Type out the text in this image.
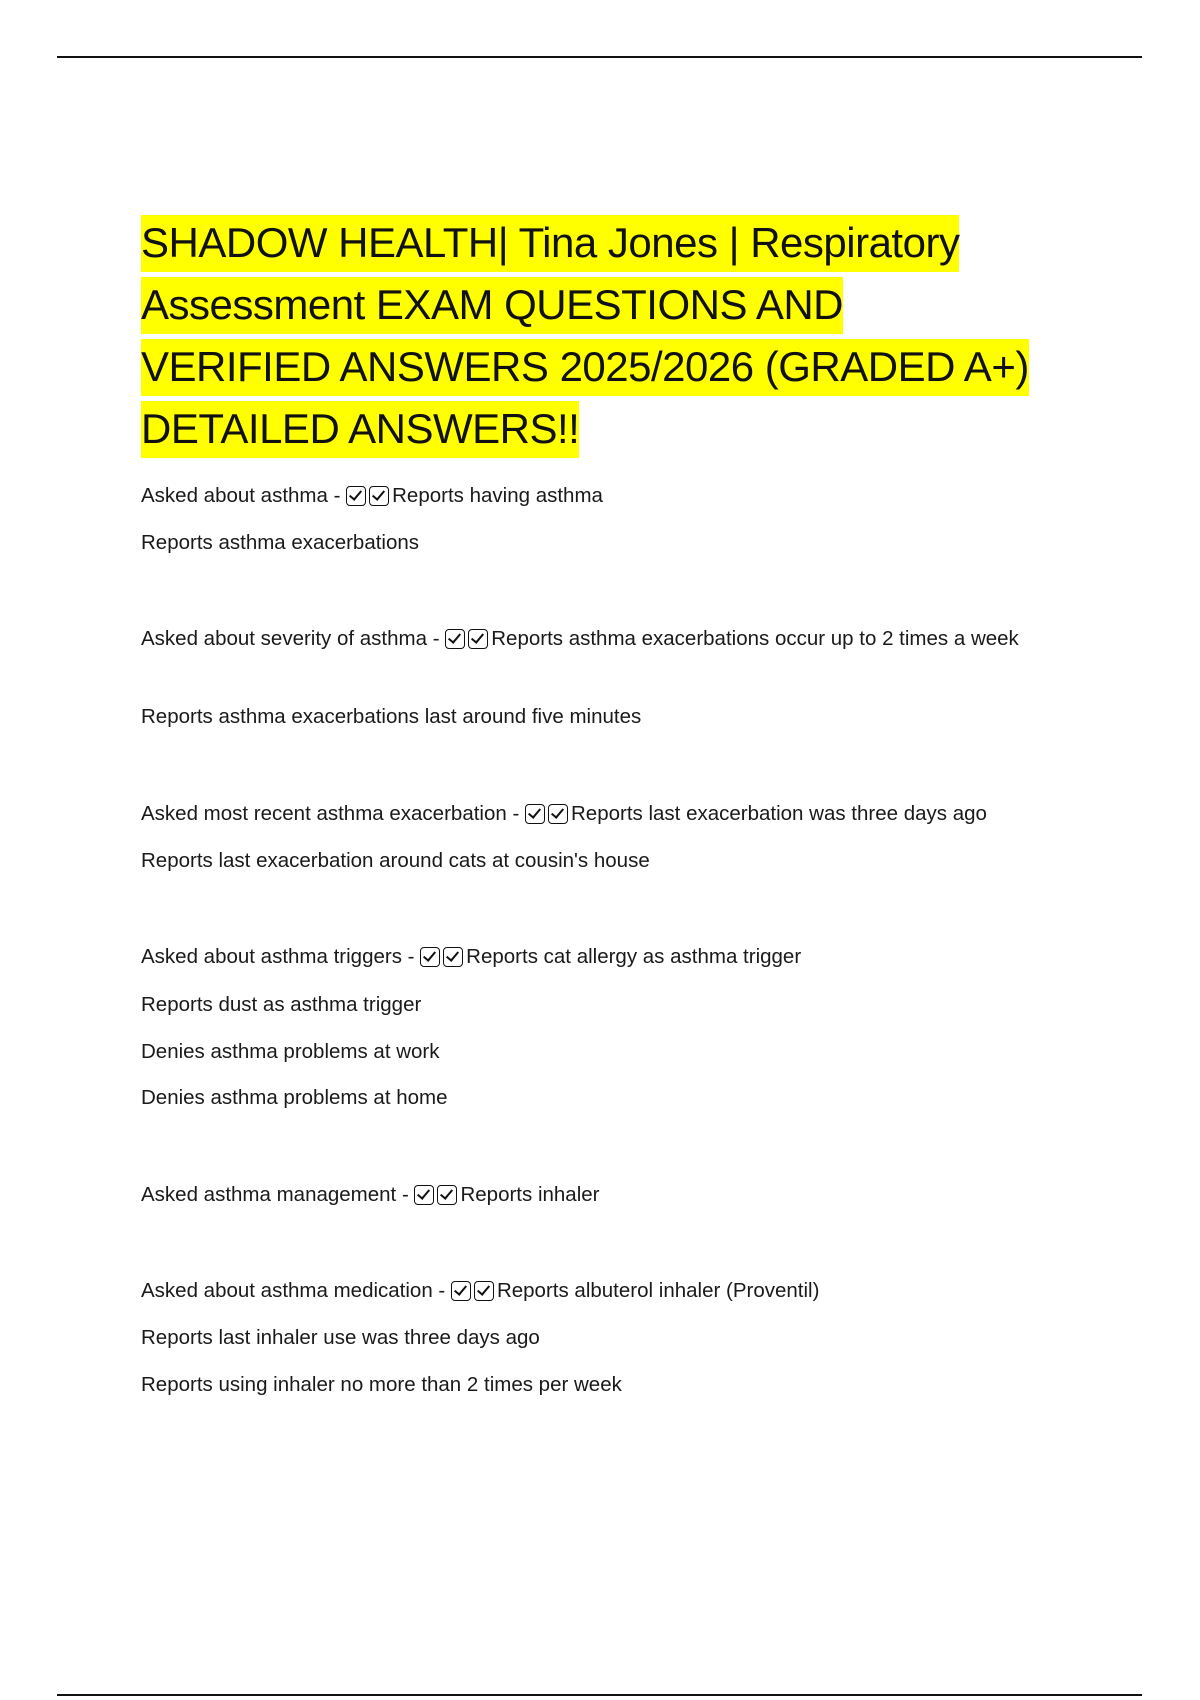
SHADOW HEALTH| Tina Jones | Respiratory Assessment EXAM QUESTIONS AND VERIFIED ANSWERS 2025/2026 (GRADED A+) DETAILED ANSWERS!!
Asked about asthma - Reports having asthma
Reports asthma exacerbations
Asked about severity of asthma - Reports asthma exacerbations occur up to 2 times a week
Reports asthma exacerbations last around five minutes
Asked most recent asthma exacerbation - Reports last exacerbation was three days ago
Reports last exacerbation around cats at cousin's house
Asked about asthma triggers - Reports cat allergy as asthma trigger
Reports dust as asthma trigger
Denies asthma problems at work
Denies asthma problems at home
Asked asthma management - Reports inhaler
Asked about asthma medication - Reports albuterol inhaler (Proventil)
Reports last inhaler use was three days ago
Reports using inhaler no more than 2 times per week
